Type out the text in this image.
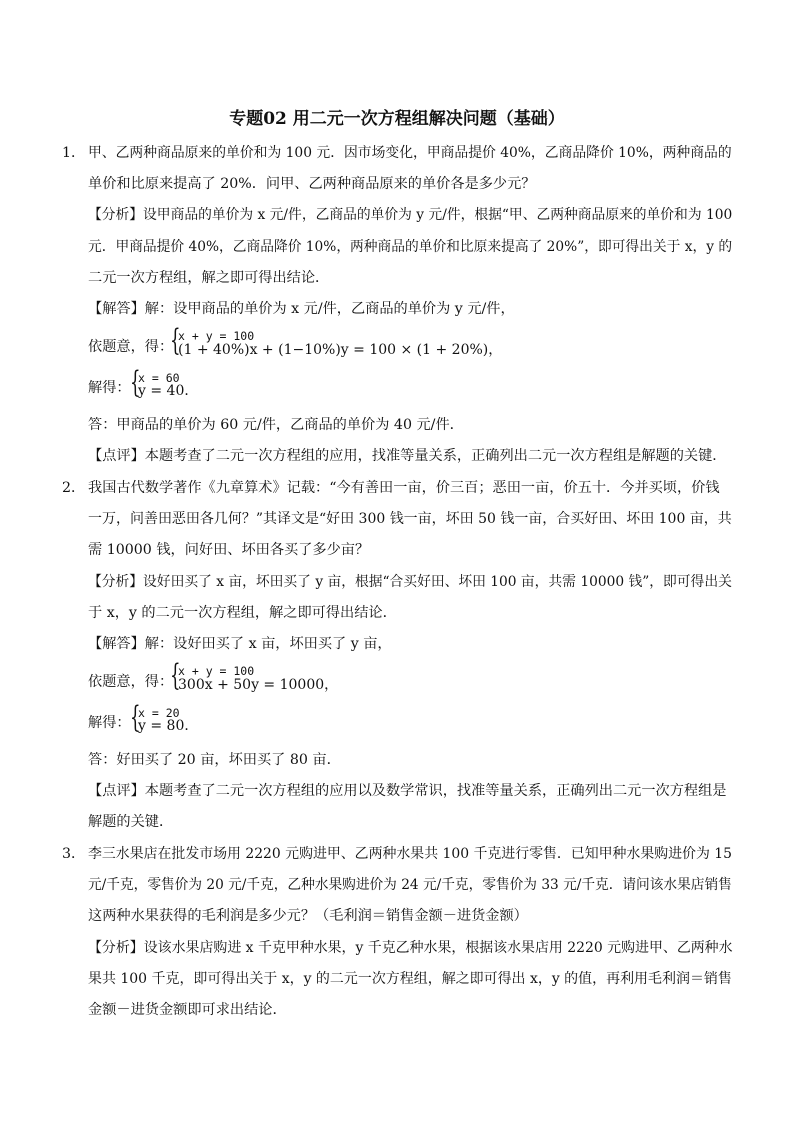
专题02 用二元一次方程组解决问题（基础）
1． 甲、乙两种商品原来的单价和为 100 元．因市场变化，甲商品提价 40%，乙商品降价 10%，两种商品的
单价和比原来提高了 20%．问甲、乙两种商品原来的单价各是多少元？
【分析】设甲商品的单价为 x 元/件，乙商品的单价为 y 元/件，根据“甲、乙两种商品原来的单价和为 100
元．甲商品提价 40%，乙商品降价 10%，两种商品的单价和比原来提高了 20%”，即可得出关于 x，y 的
二元一次方程组，解之即可得出结论．
【解答】解：设甲商品的单价为 x 元/件，乙商品的单价为 y 元/件，
依题意，得：
{
x + y = 100
(1 + 40%)x + (1−10%)y = 100 × (1 + 20%)，
解得： {
x = 60
y = 40．
答：甲商品的单价为 60 元/件，乙商品的单价为 40 元/件．
【点评】本题考查了二元一次方程组的应用，找准等量关系，正确列出二元一次方程组是解题的关键．
2． 我国古代数学著作《九章算术》记载：“今有善田一亩，价三百；恶田一亩，价五十．今并买顷，价钱
一万，问善田恶田各几何？”其译文是“好田 300 钱一亩，坏田 50 钱一亩，合买好田、坏田 100 亩，共
需 10000 钱，问好田、坏田各买了多少亩？
【分析】设好田买了 x 亩，坏田买了 y 亩，根据“合买好田、坏田 100 亩，共需 10000 钱”，即可得出关
于 x，y 的二元一次方程组，解之即可得出结论．
【解答】解：设好田买了 x 亩，坏田买了 y 亩，
依题意，得：
{
x + y = 100
300x + 50y = 10000，
解得： {
x = 20
y = 80．
答：好田买了 20 亩，坏田买了 80 亩．
【点评】本题考查了二元一次方程组的应用以及数学常识，找准等量关系，正确列出二元一次方程组是
解题的关键．
3． 李三水果店在批发市场用 2220 元购进甲、乙两种水果共 100 千克进行零售．已知甲种水果购进价为 15
元/千克，零售价为 20 元/千克，乙种水果购进价为 24 元/千克，零售价为 33 元/千克．请问该水果店销售
这两种水果获得的毛利润是多少元？（毛利润＝销售金额－进货金额）
【分析】设该水果店购进 x 千克甲种水果，y 千克乙种水果，根据该水果店用 2220 元购进甲、乙两种水
果共 100 千克，即可得出关于 x，y 的二元一次方程组，解之即可得出 x，y 的值，再利用毛利润＝销售
金额－进货金额即可求出结论．
